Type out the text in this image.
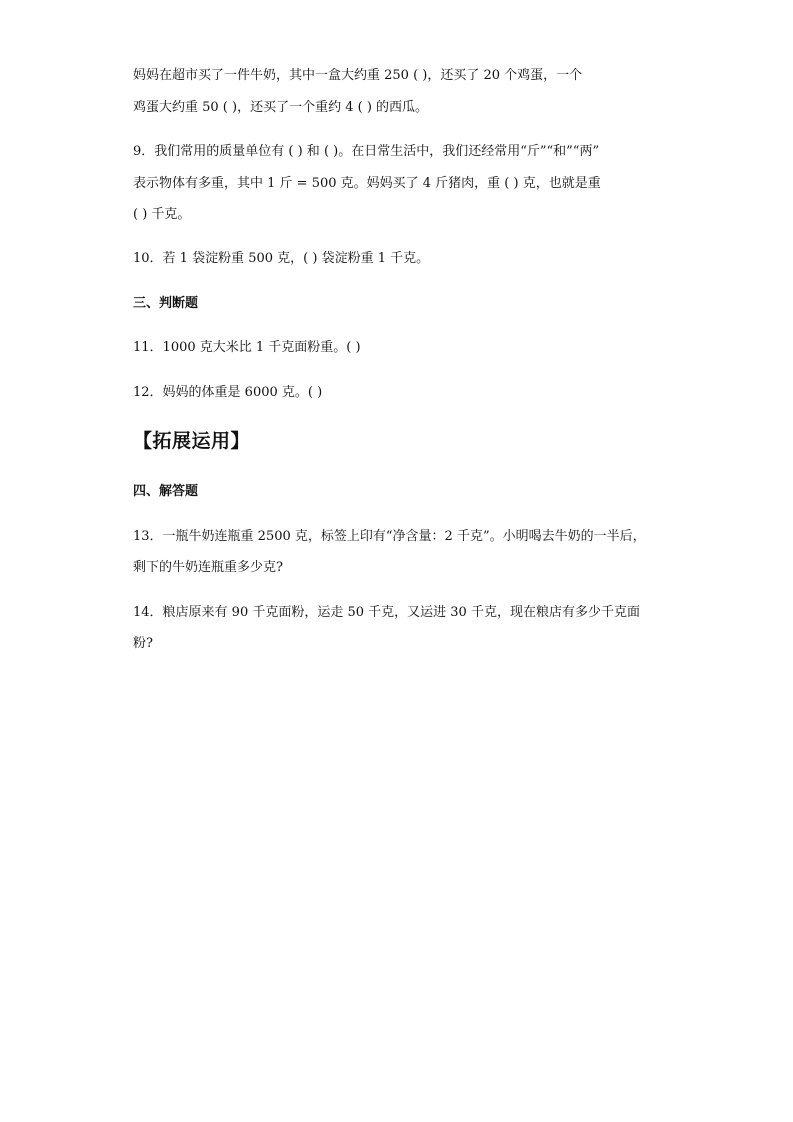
妈妈在超市买了一件牛奶，其中一盒大约重 250 ( )，还买了 20 个鸡蛋，一个
鸡蛋大约重 50 ( )，还买了一个重约 4 ( ) 的西瓜。
9．我们常用的质量单位有 ( ) 和 ( )。在日常生活中，我们还经常用“斤”“和”“两”
表示物体有多重，其中 1 斤 = 500 克。妈妈买了 4 斤猪肉，重 ( ) 克，也就是重
( ) 千克。
10．若 1 袋淀粉重 500 克，( ) 袋淀粉重 1 千克。
三、判断题
11．1000 克大米比 1 千克面粉重。( )
12．妈妈的体重是 6000 克。( )
【拓展运用】
四、解答题
13．一瓶牛奶连瓶重 2500 克，标签上印有“净含量：2 千克”。小明喝去牛奶的一半后，
剩下的牛奶连瓶重多少克?
14．粮店原来有 90 千克面粉，运走 50 千克，又运进 30 千克，现在粮店有多少千克面
粉?
